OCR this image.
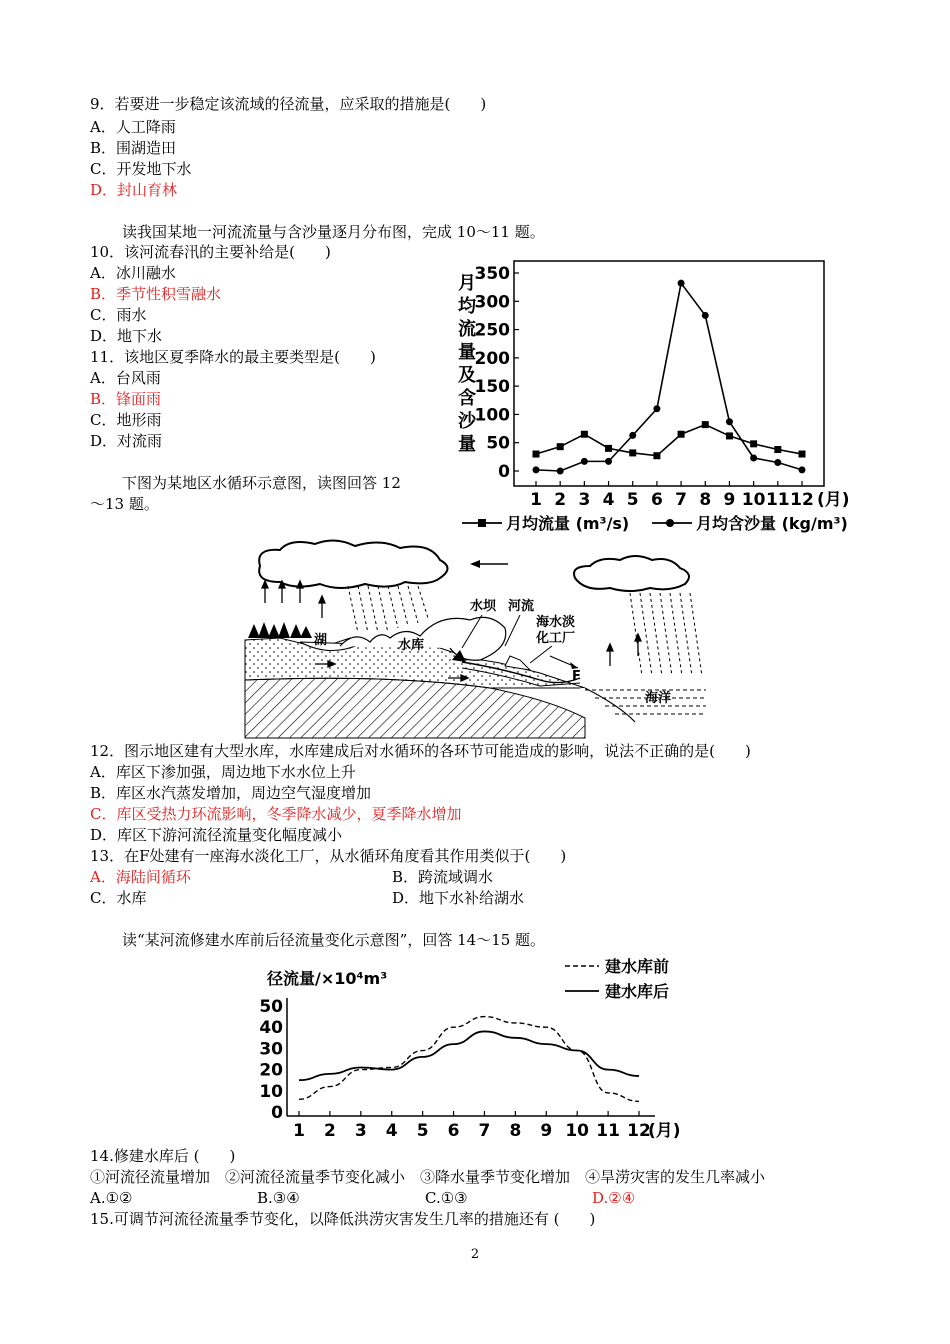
9．若要进一步稳定该流域的径流量，应采取的措施是(　　)
A．人工降雨
B．围湖造田
C．开发地下水
D．封山育林
读我国某地一河流流量与含沙量逐月分布图，完成 10～11 题。
10．该河流春汛的主要补给是(　　)
A．冰川融水
B．季节性积雪融水
C．雨水
D．地下水
11．该地区夏季降水的最主要类型是(　　)
A．台风雨
B．锋面雨
C．地形雨
D．对流雨
下图为某地区水循环示意图，读图回答 12
～13 题。
月
均
流
量
及
含
沙
量
350
300
250
200
150
100
50
0
1 2 3 4 5 6 7 8 9 10 11 12 (月)
月均流量 (m³/s)	月均含沙量 (kg/m³)
湖	水库
水坝 河流
海水淡
化工厂
F
海洋
12．图示地区建有大型水库，水库建成后对水循环的各环节可能造成的影响，说法不正确的是(　　)
A．库区下渗加强，周边地下水水位上升
B．库区水汽蒸发增加，周边空气湿度增加
C．库区受热力环流影响，冬季降水减少，夏季降水增加
D．库区下游河流径流量变化幅度减小
13．在F处建有一座海水淡化工厂，从水循环角度看其作用类似于(　　)
A．海陆间循环	B．跨流域调水
C．水库	D．地下水补给湖水
读“某河流修建水库前后径流量变化示意图”，回答 14～15 题。
径流量/×10⁴m³
建水库前
建水库后
50
40
30
20
10
0
1 2 3 4 5 6 7 8 9 10 11 12
(月)
14.修建水库后 (　　)
①河流径流量增加　②河流径流量季节变化减小　③降水量季节变化增加　④旱涝灾害的发生几率减小
A.①②	B.③④	C.①③	D.②④
15.可调节河流径流量季节变化，以降低洪涝灾害发生几率的措施还有 (　　)
2
